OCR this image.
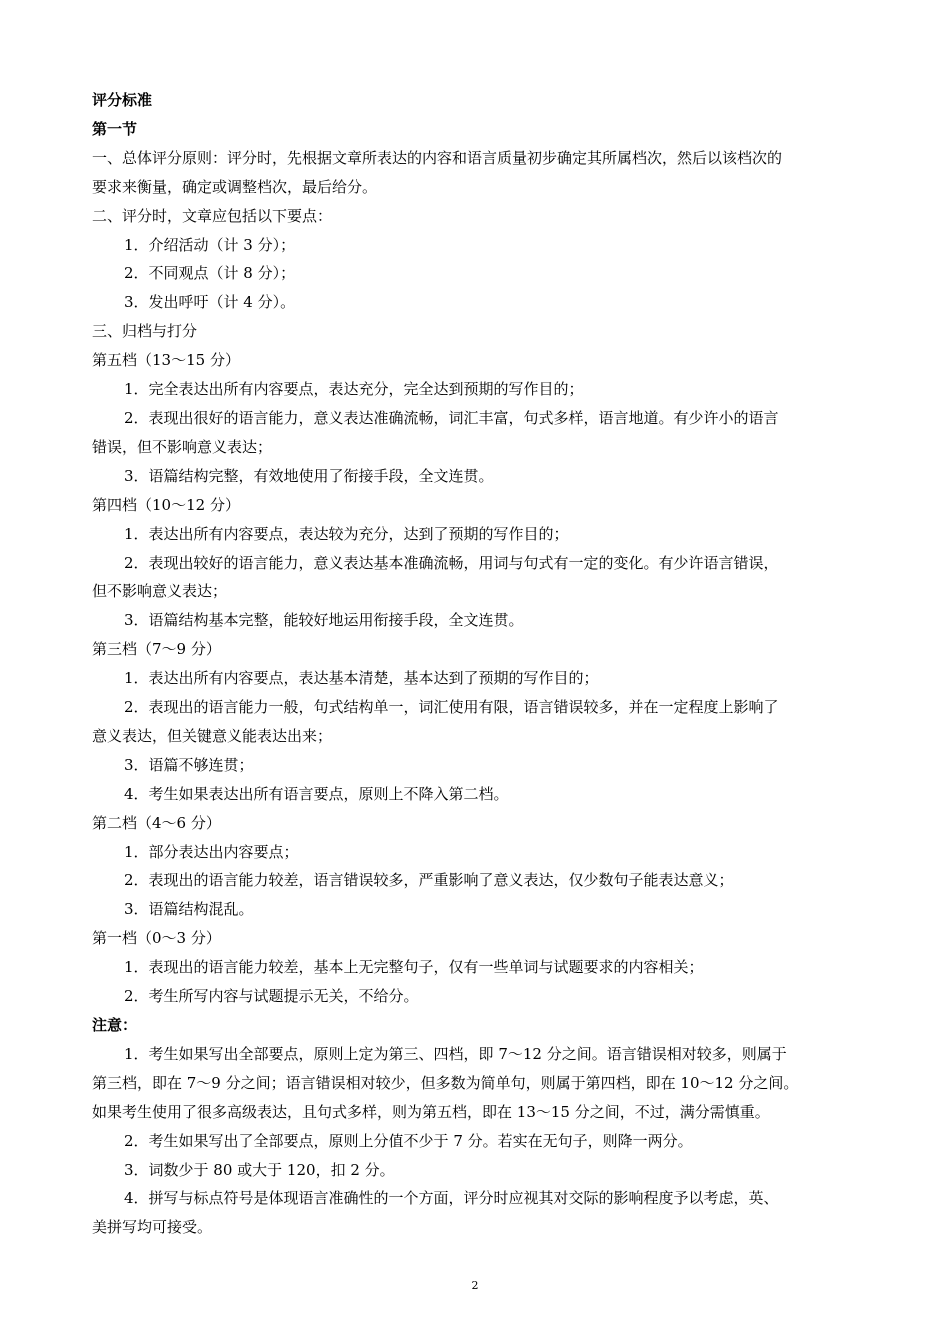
评分标准

第一节

一、总体评分原则：评分时，先根据文章所表达的内容和语言质量初步确定其所属档次，然后以该档次的

要求来衡量，确定或调整档次，最后给分。

二、评分时，文章应包括以下要点：

1．介绍活动（计 3 分）；

2．不同观点（计 8 分）；

3．发出呼吁（计 4 分）。

三、归档与打分

第五档（13～15 分）

1．完全表达出所有内容要点，表达充分，完全达到预期的写作目的；

2．表现出很好的语言能力，意义表达准确流畅，词汇丰富，句式多样，语言地道。有少许小的语言

错误，但不影响意义表达；

3．语篇结构完整，有效地使用了衔接手段，全文连贯。

第四档（10～12 分）

1．表达出所有内容要点，表达较为充分，达到了预期的写作目的；

2．表现出较好的语言能力，意义表达基本准确流畅，用词与句式有一定的变化。有少许语言错误，

但不影响意义表达；

3．语篇结构基本完整，能较好地运用衔接手段，全文连贯。

第三档（7～9 分）

1．表达出所有内容要点，表达基本清楚，基本达到了预期的写作目的；

2．表现出的语言能力一般，句式结构单一，词汇使用有限，语言错误较多，并在一定程度上影响了

意义表达，但关键意义能表达出来；

3．语篇不够连贯；

4．考生如果表达出所有语言要点，原则上不降入第二档。

第二档（4～6 分）

1．部分表达出内容要点；

2．表现出的语言能力较差，语言错误较多，严重影响了意义表达，仅少数句子能表达意义；

3．语篇结构混乱。

第一档（0～3 分）

1．表现出的语言能力较差，基本上无完整句子，仅有一些单词与试题要求的内容相关；

2．考生所写内容与试题提示无关，不给分。

注意：

1．考生如果写出全部要点，原则上定为第三、四档，即 7～12 分之间。语言错误相对较多，则属于

第三档，即在 7～9 分之间；语言错误相对较少，但多数为简单句，则属于第四档，即在 10～12 分之间。

如果考生使用了很多高级表达，且句式多样，则为第五档，即在 13～15 分之间，不过，满分需慎重。

2．考生如果写出了全部要点，原则上分值不少于 7 分。若实在无句子，则降一两分。

3．词数少于 80 或大于 120，扣 2 分。

4．拼写与标点符号是体现语言准确性的一个方面，评分时应视其对交际的影响程度予以考虑，英、

美拼写均可接受。

2
